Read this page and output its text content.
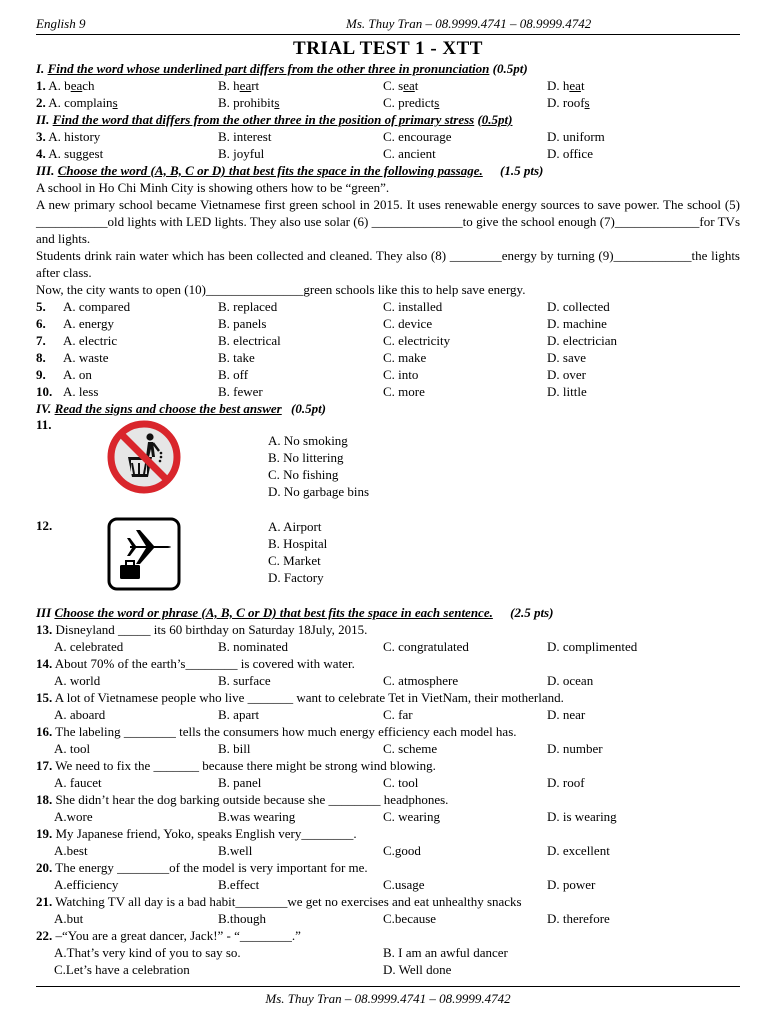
English 9	Ms. Thuy Tran – 08.9999.4741 – 08.9999.4742
TRIAL TEST 1 - XTT
I. Find the word whose underlined part differs from the other three in pronunciation (0.5pt)
1. A. beach	B. heart	C. seat	D. heat
2. A. complains	B. prohibits	C. predicts	D. roofs
II. Find the word that differs from the other three in the position of primary stress (0.5pt)
3. A. history	B. interest	C. encourage	D. uniform
4. A. suggest	B. joyful	C. ancient	D. office
III. Choose the word (A, B, C or D) that best fits the space in the following passage. (1.5 pts)
A school in Ho Chi Minh City is showing others how to be “green”.
A new primary school became Vietnamese first green school in 2015. It uses renewable energy sources to save power. The school (5) ___________old lights with LED lights. They also use solar (6) ______________to give the school enough (7)_____________for TVs and lights.
Students drink rain water which has been collected and cleaned. They also (8) ________energy by turning (9)____________the lights after class.
Now, the city wants to open (10)_______________green schools like this to help save energy.
5. A. compared	B. replaced	C. installed	D. collected
6. A. energy	B. panels	C. device	D. machine
7. A. electric	B. electrical	C. electricity	D. electrician
8. A. waste	B. take	C. make	D. save
9. A. on	B. off	C. into	D. over
10. A. less	B. fewer	C. more	D. little
IV. Read the signs and choose the best answer (0.5pt)
11.
A. No smoking
B. No littering
C. No fishing
D. No garbage bins
12.	A. Airport
B. Hospital
C. Market
D. Factory
III Choose the word or phrase (A, B, C or D) that best fits the space in each sentence. (2.5 pts)
13. Disneyland _____ its 60 birthday on Saturday 18July, 2015.
A. celebrated	B. nominated	C. congratulated	D. complimented
14. About 70% of the earth’s________ is covered with water.
A. world	B. surface	C. atmosphere	D. ocean
15. A lot of Vietnamese people who live _______ want to celebrate Tet in VietNam, their motherland.
A. aboard	B. apart	C. far	D. near
16. The labeling ________ tells the consumers how much energy efficiency each model has.
A. tool	B. bill	C. scheme	D. number
17. We need to fix the _______ because there might be strong wind blowing.
A. faucet	B. panel	C. tool	D. roof
18. She didn’t hear the dog barking outside because she ________ headphones.
A.wore	B.was wearing	C. wearing	D. is wearing
19. My Japanese friend, Yoko, speaks English very________.
A.best	B.well	C.good	D. excellent
20. The energy ________of the model is very important for me.
A.efficiency	B.effect	C.usage	D. power
21. Watching TV all day is a bad habit________we get no exercises and eat unhealthy snacks
A.but	B.though	C.because	D. therefore
22. –“You are a great dancer, Jack!” - “________.”
A.That’s very kind of you to say so.	B. I am an awful dancer
C.Let’s have a celebration	D. Well done
Ms. Thuy Tran – 08.9999.4741 – 08.9999.4742
